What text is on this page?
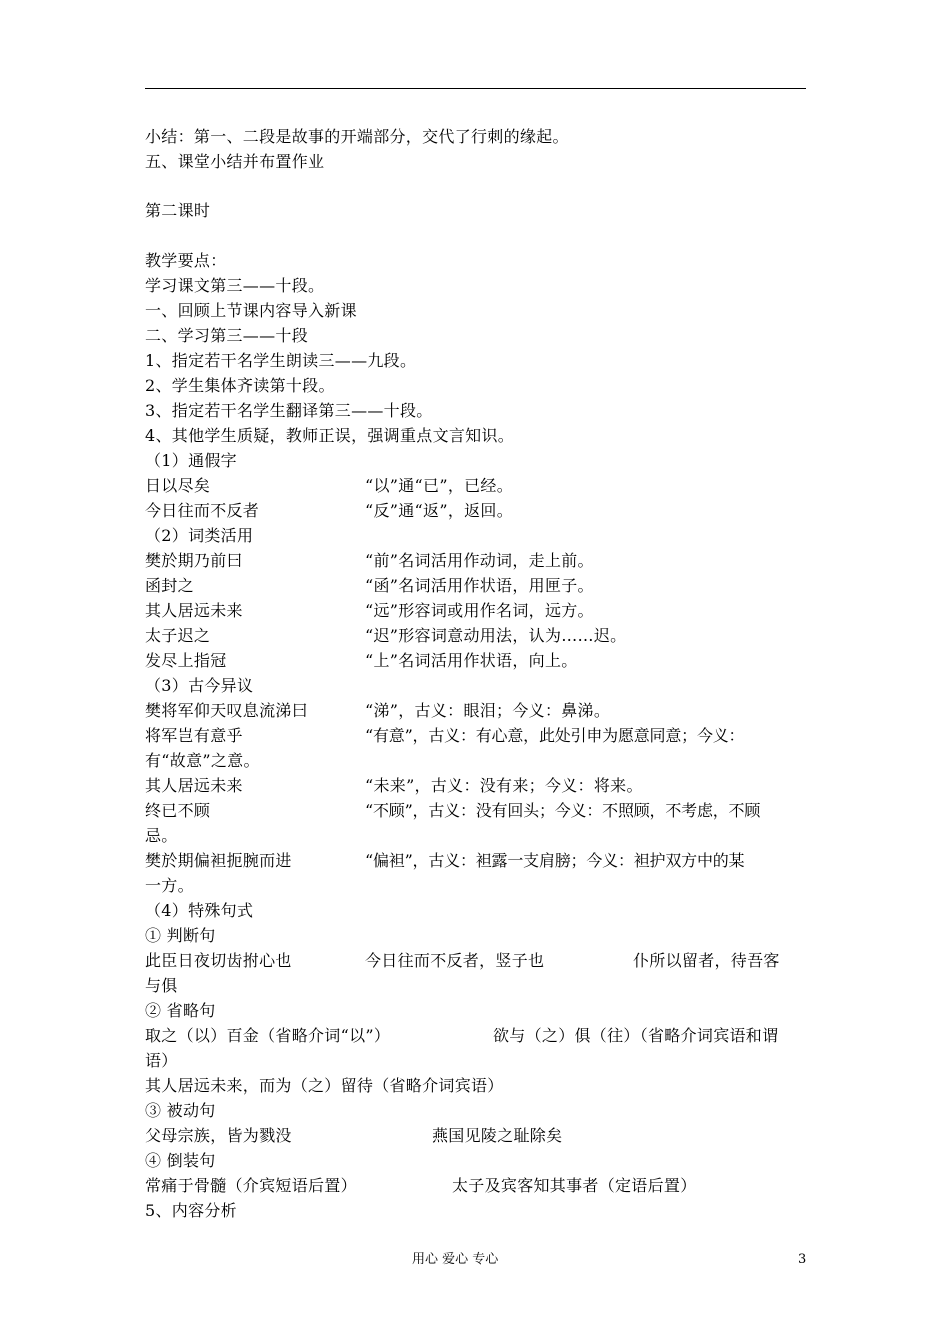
小结：第一、二段是故事的开端部分，交代了行刺的缘起。
五、课堂小结并布置作业
第二课时
教学要点：
学习课文第三——十段。
一、回顾上节课内容导入新课
二、学习第三——十段
1、指定若干名学生朗读三——九段。
2、学生集体齐读第十段。
3、指定若干名学生翻译第三——十段。
4、其他学生质疑，教师正误，强调重点文言知识。
（1）通假字
日以尽矣	“以”通“已”，已经。
今日往而不反者	“反”通“返”，返回。
（2）词类活用
樊於期乃前曰	“前”名词活用作动词，走上前。
函封之	“函”名词活用作状语，用匣子。
其人居远未来	“远”形容词或用作名词，远方。
太子迟之	“迟”形容词意动用法，认为……迟。
发尽上指冠	“上”名词活用作状语，向上。
（3）古今异议
樊将军仰天叹息流涕曰	“涕”，古义：眼泪；今义：鼻涕。
将军岂有意乎	“有意”，古义：有心意，此处引申为愿意同意；今义：
有“故意”之意。
其人居远未来	“未来”，古义：没有来；今义：将来。
终已不顾	“不顾”，古义：没有回头；今义：不照顾，不考虑，不顾
忌。
樊於期偏袒扼腕而进	“偏袒”，古义：袒露一支肩膀；今义：袒护双方中的某
一方。
（4）特殊句式
① 判断句
此臣日夜切齿拊心也	今日往而不反者，竖子也	仆所以留者，待吾客
与俱
② 省略句
取之（以）百金（省略介词“以”）	欲与（之）俱（往）（省略介词宾语和谓
语）
其人居远未来，而为（之）留待（省略介词宾语）
③ 被动句
父母宗族，皆为戮没	燕国见陵之耻除矣
④ 倒装句
常痛于骨髓（介宾短语后置）	太子及宾客知其事者（定语后置）
5、内容分析
用心 爱心 专心	3
